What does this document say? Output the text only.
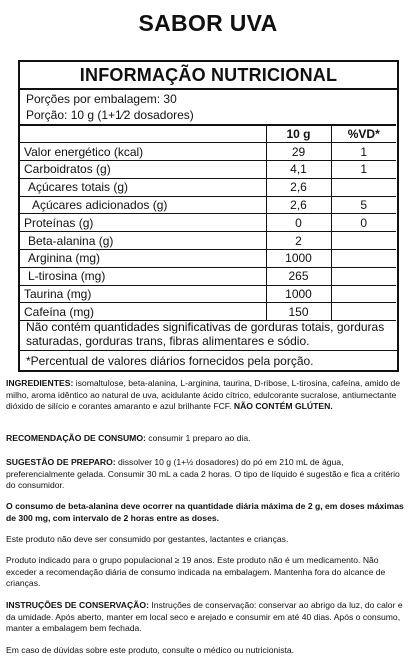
SABOR UVA
INFORMAÇÃO NUTRICIONAL
Porções por embalagem: 30
Porção: 10 g (1+1⁄2 dosadores)
	10 g	%VD*
Valor energético (kcal)	29	1
Carboidratos (g)	4,1	1
Açúcares totais (g)	2,6	
Açúcares adicionados (g)	2,6	5
Proteínas (g)	0	0
Beta-alanina (g)	2	
Arginina (mg)	1000	
L-tirosina (mg)	265	
Taurina (mg)	1000	
Cafeína (mg)	150	
Não contém quantidades significativas de gorduras totais, gorduras saturadas, gorduras trans, fibras alimentares e sódio.
*Percentual de valores diários fornecidos pela porção.
INGREDIENTES: isomaltulose, beta-alanina, L-arginina, taurina, D-ribose, L-tirosina, cafeína, amido de milho, aroma idêntico ao natural de uva, acidulante ácido cítrico, edulcorante sucralose, antiumectante dióxido de silício e corantes amaranto e azul brilhante FCF. NÃO CONTÉM GLÚTEN.
RECOMENDAÇÃO DE CONSUMO: consumir 1 preparo ao dia.
SUGESTÃO DE PREPARO: dissolver 10 g (1+½ dosadores) do pó em 210 mL de água, preferencialmente gelada. Consumir 30 mL a cada 2 horas. O tipo de líquido é sugestão e fica a critério do consumidor.
O consumo de beta-alanina deve ocorrer na quantidade diária máxima de 2 g, em doses máximas de 300 mg, com intervalo de 2 horas entre as doses.
Este produto não deve ser consumido por gestantes, lactantes e crianças.
Produto indicado para o grupo populacional ≥ 19 anos. Este produto não é um medicamento. Não exceder a recomendação diária de consumo indicada na embalagem. Mantenha fora do alcance de crianças.
INSTRUÇÕES DE CONSERVAÇÃO: Instruções de conservação: conservar ao abrigo da luz, do calor e da umidade. Após aberto, manter em local seco e arejado e consumir em até 40 dias. Após o consumo, manter a embalagem bem fechada.
Em caso de dúvidas sobre este produto, consulte o médico ou nutricionista.
